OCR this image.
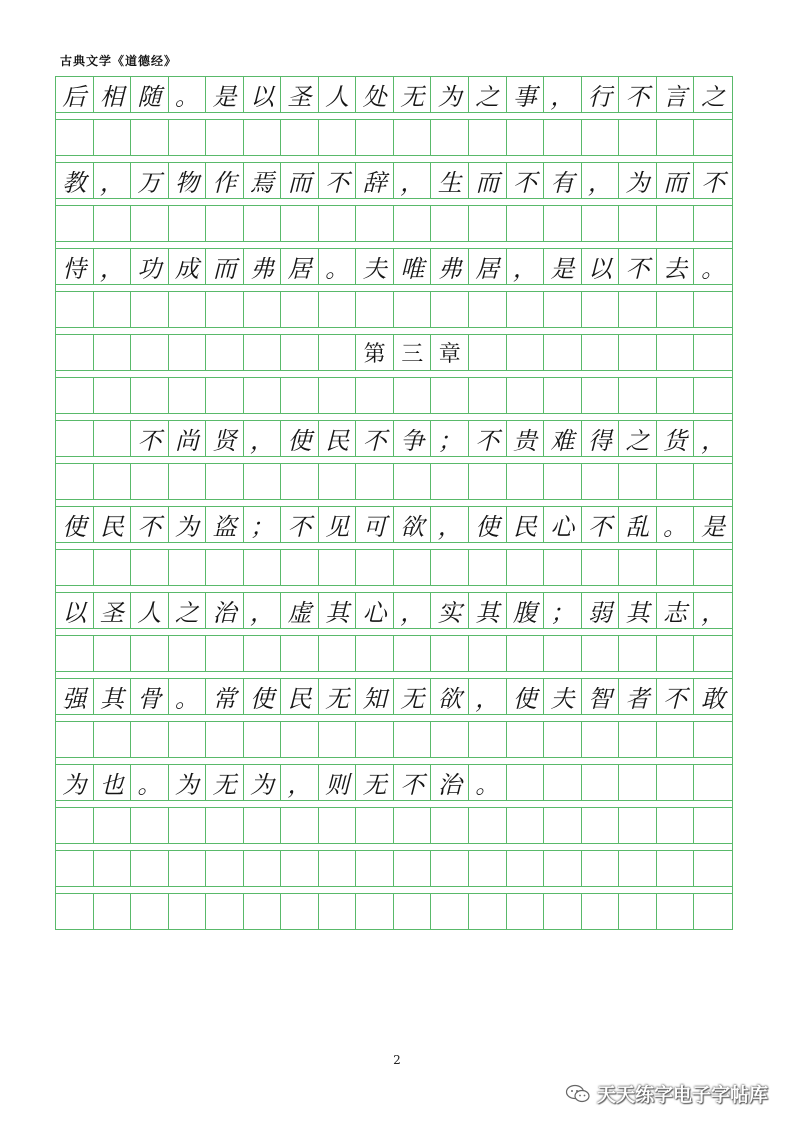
古典文学《道德经》
后 相 随 。 是 以 圣 人 处 无 为 之 事 ， 行 不 言 之
教 ， 万 物 作 焉 而 不 辞 ， 生 而 不 有 ， 为 而 不
恃 ， 功 成 而 弗 居 。 夫 唯 弗 居 ， 是 以 不 去 。
第 三 章
不 尚 贤 ， 使 民 不 争 ； 不 贵 难 得 之 货 ，
使 民 不 为 盗 ； 不 见 可 欲 ， 使 民 心 不 乱 。 是
以 圣 人 之 治 ， 虚 其 心 ， 实 其 腹 ； 弱 其 志 ，
强 其 骨 。 常 使 民 无 知 无 欲 ， 使 夫 智 者 不 敢
为 也 。 为 无 为 ， 则 无 不 治 。
2
天天练字电子字帖库
